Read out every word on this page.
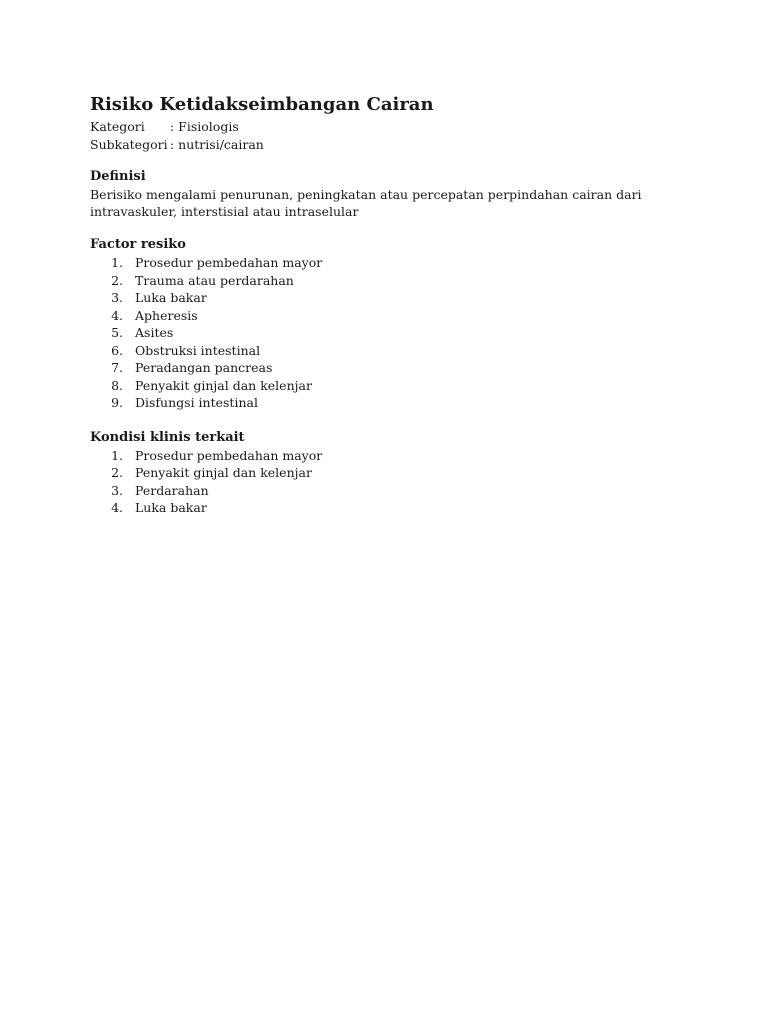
Risiko Ketidakseimbangan Cairan
Kategori	: Fisiologis
Subkategori : nutrisi/cairan
Definisi
Berisiko mengalami penurunan, peningkatan atau percepatan perpindahan cairan dari intravaskuler, interstisial atau intraselular
Factor resiko
1. Prosedur pembedahan mayor
2. Trauma atau perdarahan
3. Luka bakar
4. Apheresis
5. Asites
6. Obstruksi intestinal
7. Peradangan pancreas
8. Penyakit ginjal dan kelenjar
9. Disfungsi intestinal
Kondisi klinis terkait
1. Prosedur pembedahan mayor
2. Penyakit ginjal dan kelenjar
3. Perdarahan
4. Luka bakar
